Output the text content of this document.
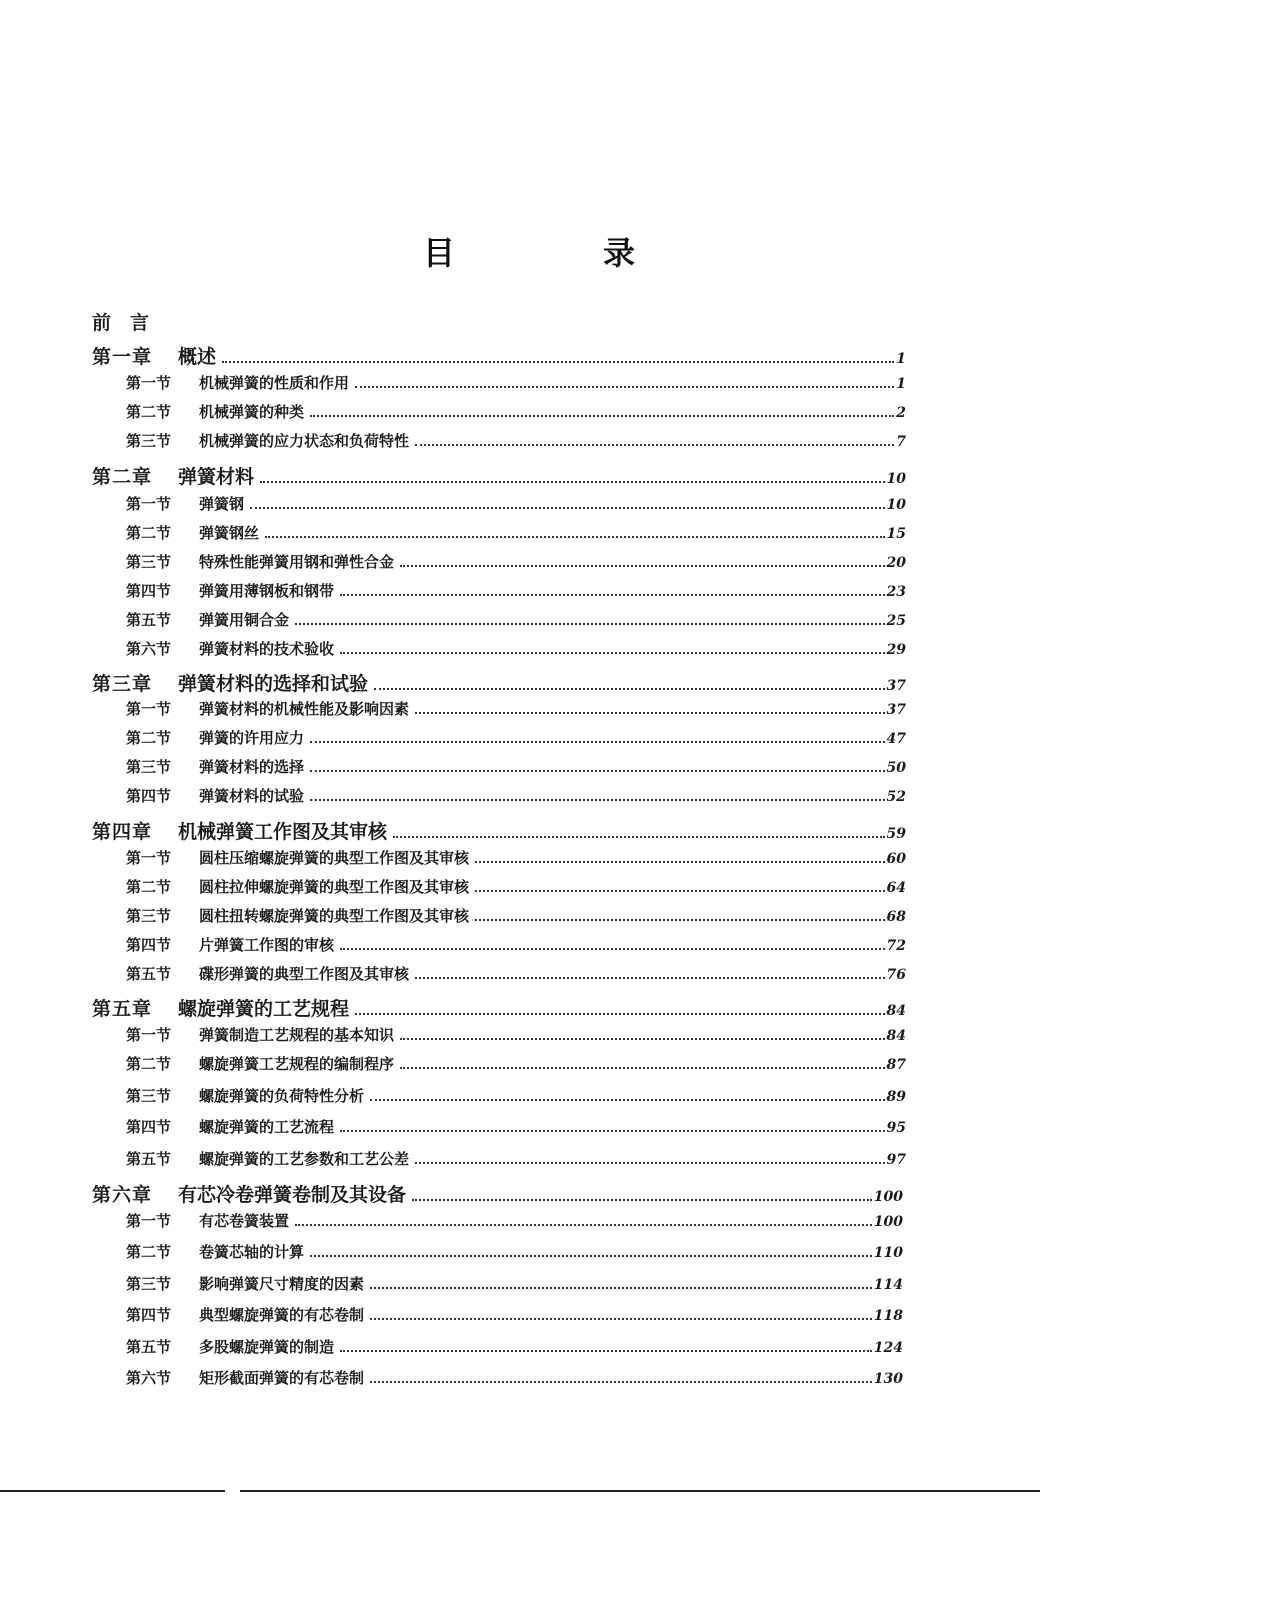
目　录
前　言
第一章	概述	1
第一节	机械弹簧的性质和作用	1
第二节	机械弹簧的种类	2
第三节	机械弹簧的应力状态和负荷特性	7
第二章	弹簧材料	10
第一节	弹簧钢	10
第二节	弹簧钢丝	15
第三节	特殊性能弹簧用钢和弹性合金	20
第四节	弹簧用薄钢板和钢带	23
第五节	弹簧用铜合金	25
第六节	弹簧材料的技术验收	29
第三章	弹簧材料的选择和试验	37
第一节	弹簧材料的机械性能及影响因素	37
第二节	弹簧的许用应力	47
第三节	弹簧材料的选择	50
第四节	弹簧材料的试验	52
第四章	机械弹簧工作图及其审核	59
第一节	圆柱压缩螺旋弹簧的典型工作图及其审核	60
第二节	圆柱拉伸螺旋弹簧的典型工作图及其审核	64
第三节	圆柱扭转螺旋弹簧的典型工作图及其审核	68
第四节	片弹簧工作图的审核	72
第五节	碟形弹簧的典型工作图及其审核	76
第五章	螺旋弹簧的工艺规程	84
第一节	弹簧制造工艺规程的基本知识	84
第二节	螺旋弹簧工艺规程的编制程序	87
第三节	螺旋弹簧的负荷特性分析	89
第四节	螺旋弹簧的工艺流程	95
第五节	螺旋弹簧的工艺参数和工艺公差	97
第六章	有芯冷卷弹簧卷制及其设备	100
第一节	有芯卷簧装置	100
第二节	卷簧芯轴的计算	110
第三节	影响弹簧尺寸精度的因素	114
第四节	典型螺旋弹簧的有芯卷制	118
第五节	多股螺旋弹簧的制造	124
第六节	矩形截面弹簧的有芯卷制	130
